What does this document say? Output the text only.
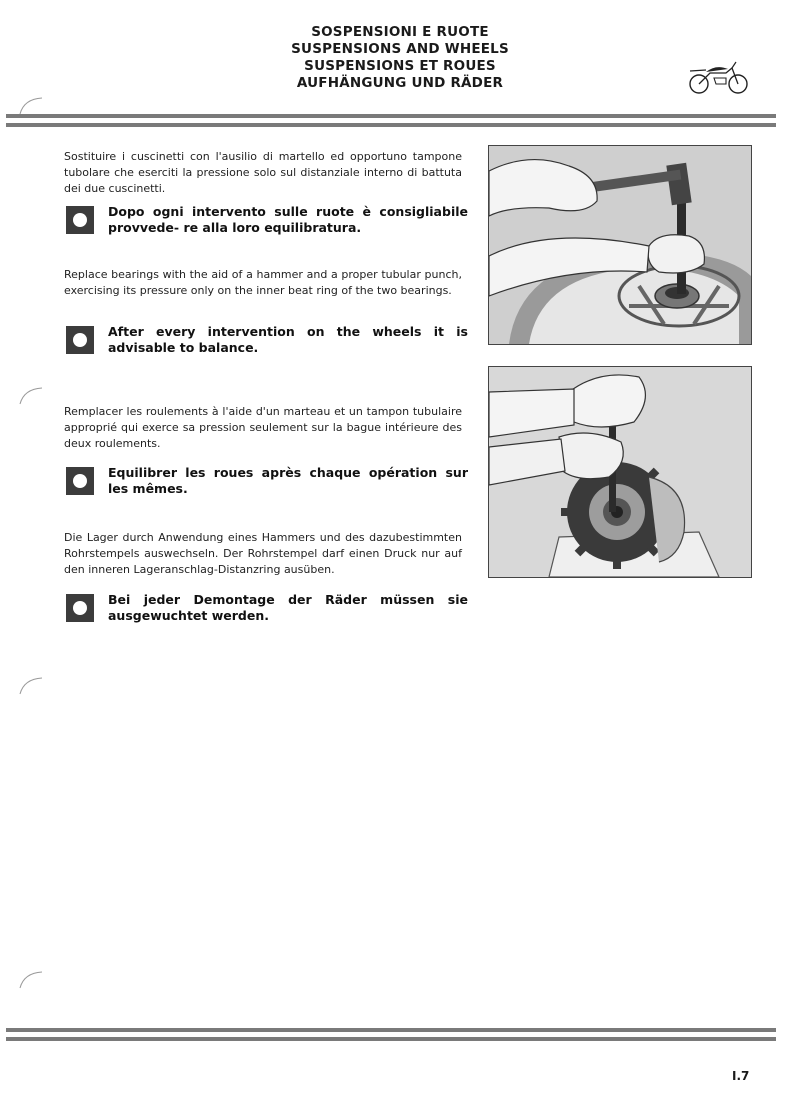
SOSPENSIONI E RUOTE
SUSPENSIONS AND WHEELS
SUSPENSIONS ET ROUES
AUFHÄNGUNG UND RÄDER
Sostituire i cuscinetti con l'ausilio di martello ed opportuno tampone tubolare che eserciti la pressione solo sul distanziale interno di battuta dei due cuscinetti.
Dopo ogni intervento sulle ruote è consigliabile provvede- re alla loro equilibratura.
Replace bearings with the aid of a hammer and a proper tubular punch, exercising its pressure only on the inner beat ring of the two bearings.
After every intervention on the wheels it is advisable to balance.
Remplacer les roulements à l'aide d'un marteau et un tampon tubulaire approprié qui exerce sa pression seulement sur la bague intérieure des deux roulements.
Equilibrer les roues après chaque opération sur les mêmes.
Die Lager durch Anwendung eines Hammers und des dazubestimmten Rohrstempels auswechseln. Der Rohrstempel darf einen Druck nur auf den inneren Lageranschlag-Distanzring ausüben.
Bei jeder Demontage der Räder müssen sie ausgewuchtet werden.
I.7
